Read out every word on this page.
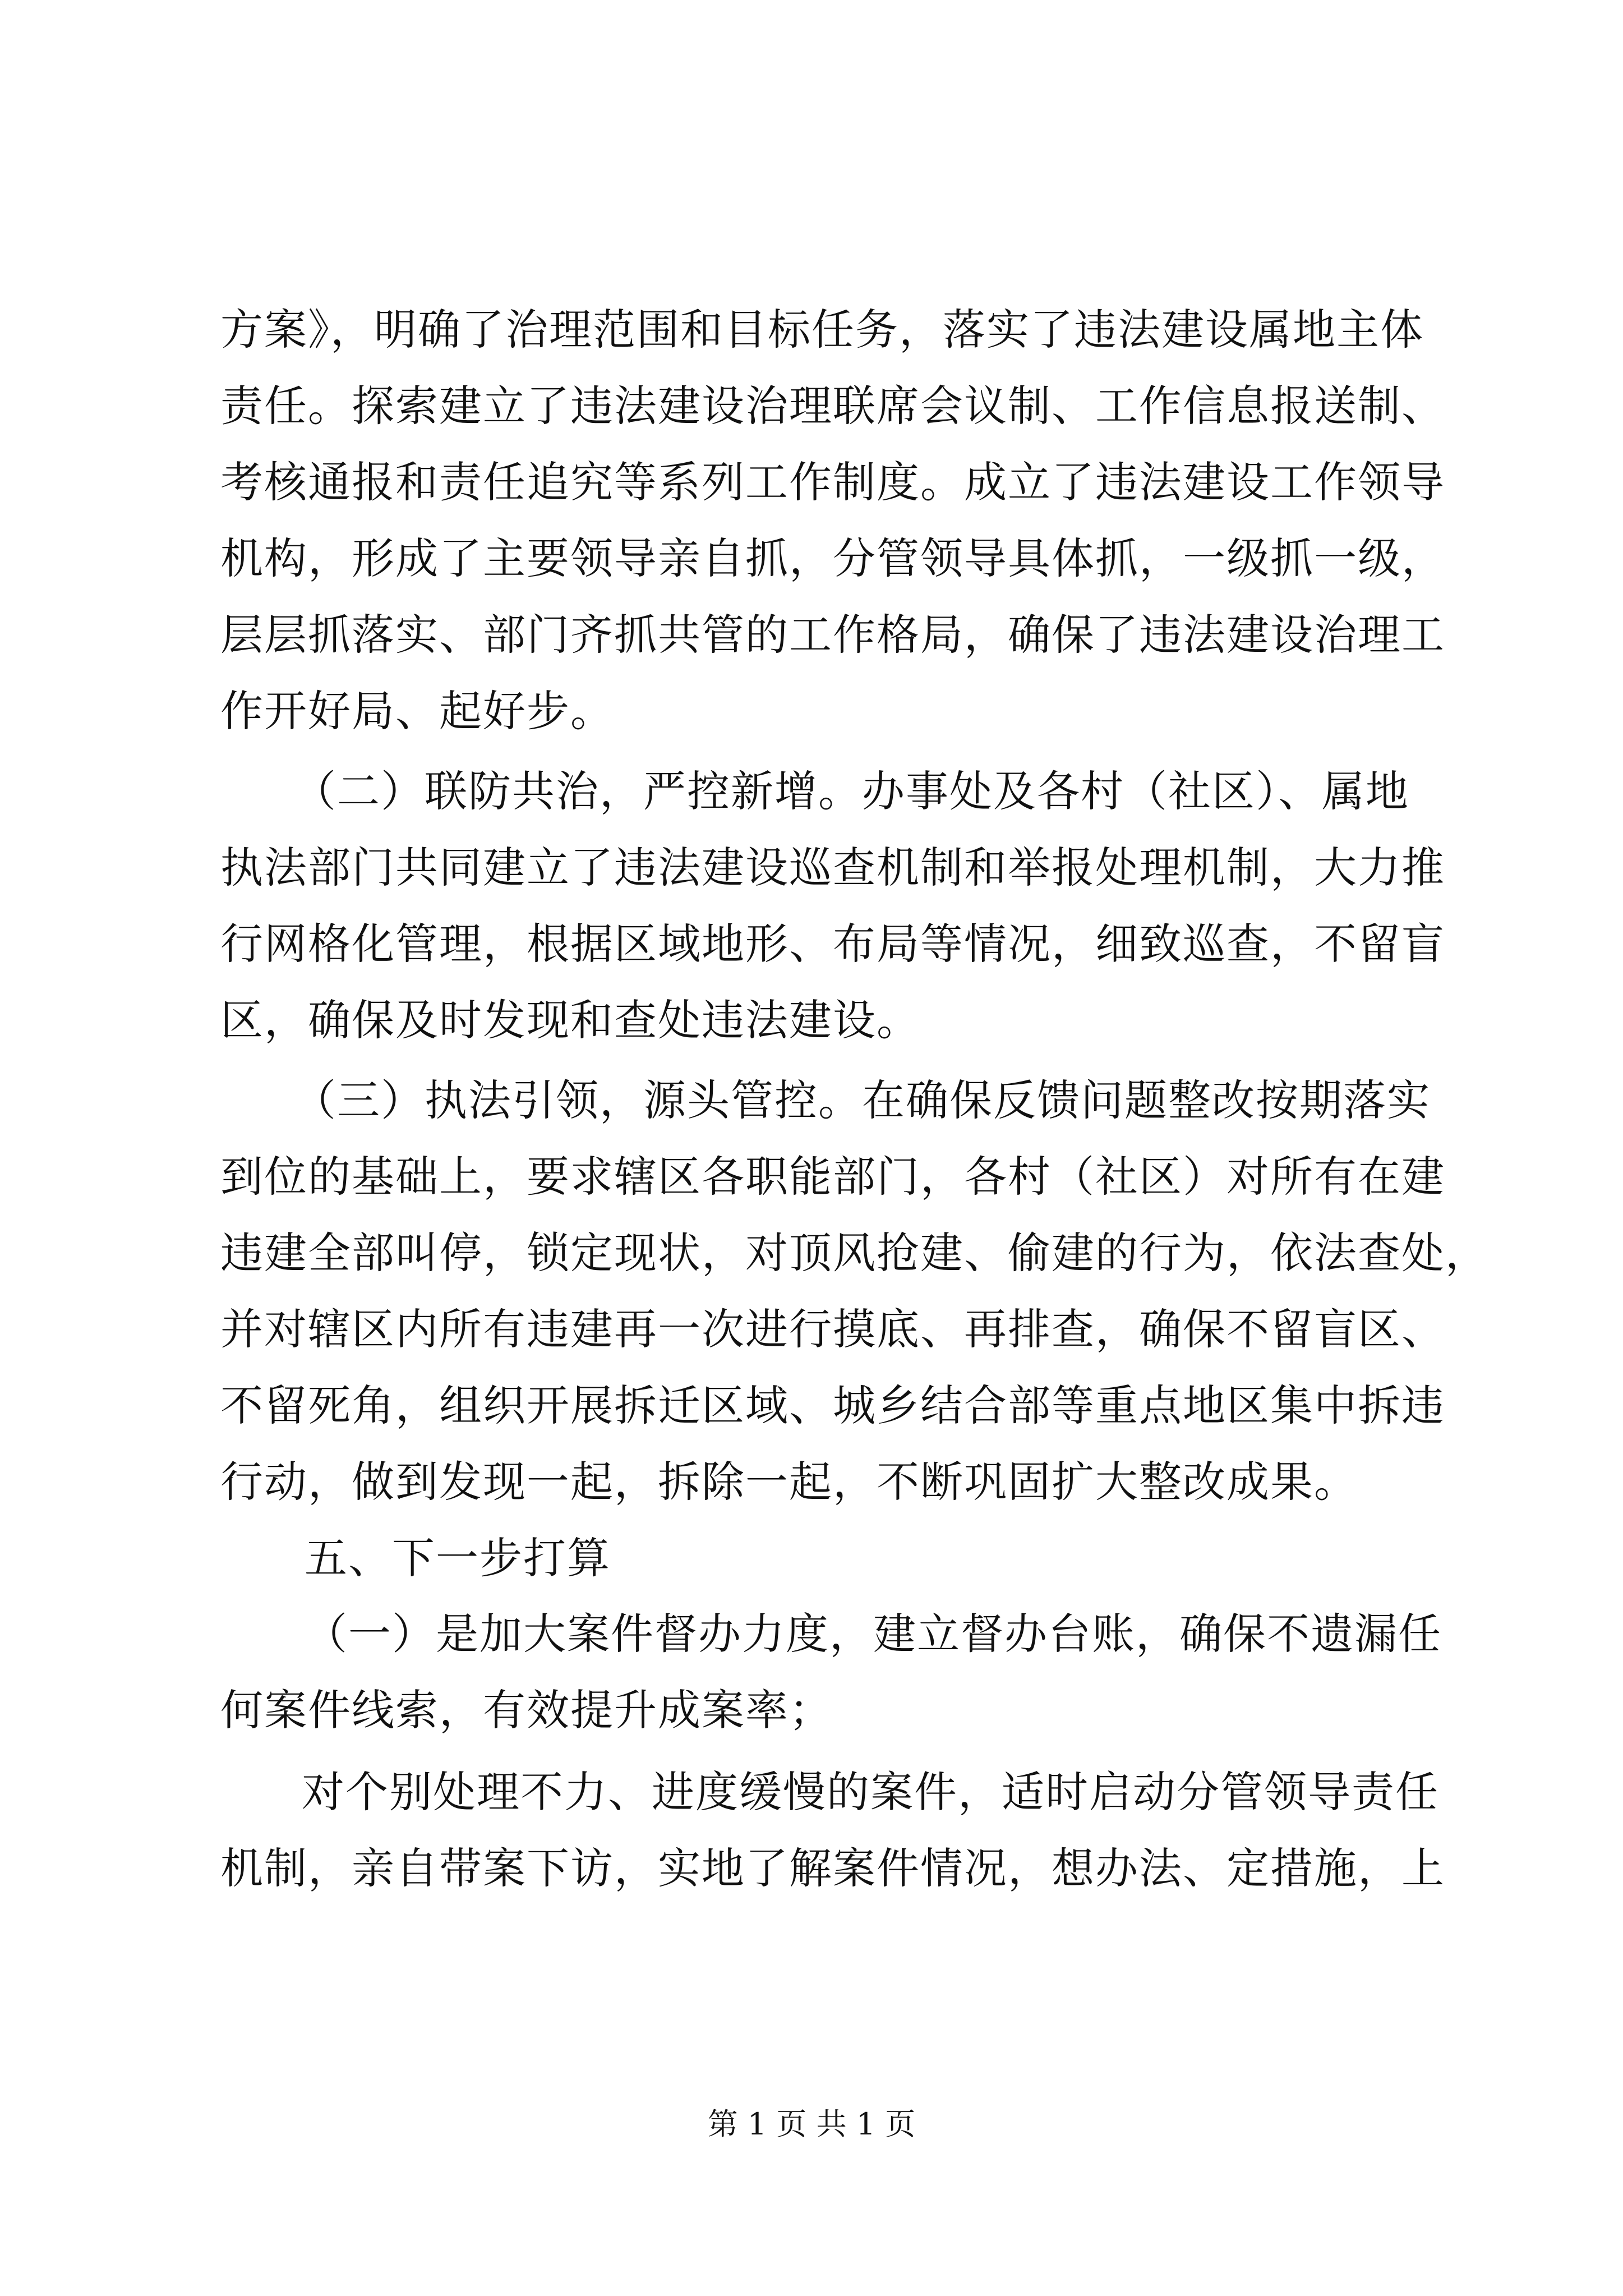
方案》，明确了治理范围和目标任务，落实了违法建设属地主体
责任。探索建立了违法建设治理联席会议制、工作信息报送制、
考核通报和责任追究等系列工作制度。成立了违法建设工作领导
机构，形成了主要领导亲自抓，分管领导具体抓，一级抓一级，
层层抓落实、部门齐抓共管的工作格局，确保了违法建设治理工
作开好局、起好步。
（二）联防共治，严控新增。办事处及各村（社区）、属地
执法部门共同建立了违法建设巡查机制和举报处理机制，大力推
行网格化管理，根据区域地形、布局等情况，细致巡查，不留盲
区，确保及时发现和查处违法建设。
（三）执法引领，源头管控。在确保反馈问题整改按期落实
到位的基础上，要求辖区各职能部门，各村（社区）对所有在建
违建全部叫停，锁定现状，对顶风抢建、偷建的行为，依法查处，
并对辖区内所有违建再一次进行摸底、再排查，确保不留盲区、
不留死角，组织开展拆迁区域、城乡结合部等重点地区集中拆违
行动，做到发现一起，拆除一起，不断巩固扩大整改成果。
五、下一步打算
（一）是加大案件督办力度，建立督办台账，确保不遗漏任
何案件线索，有效提升成案率；
对个别处理不力、进度缓慢的案件，适时启动分管领导责任
机制，亲自带案下访，实地了解案件情况，想办法、定措施，上
第 1 页 共 1 页
